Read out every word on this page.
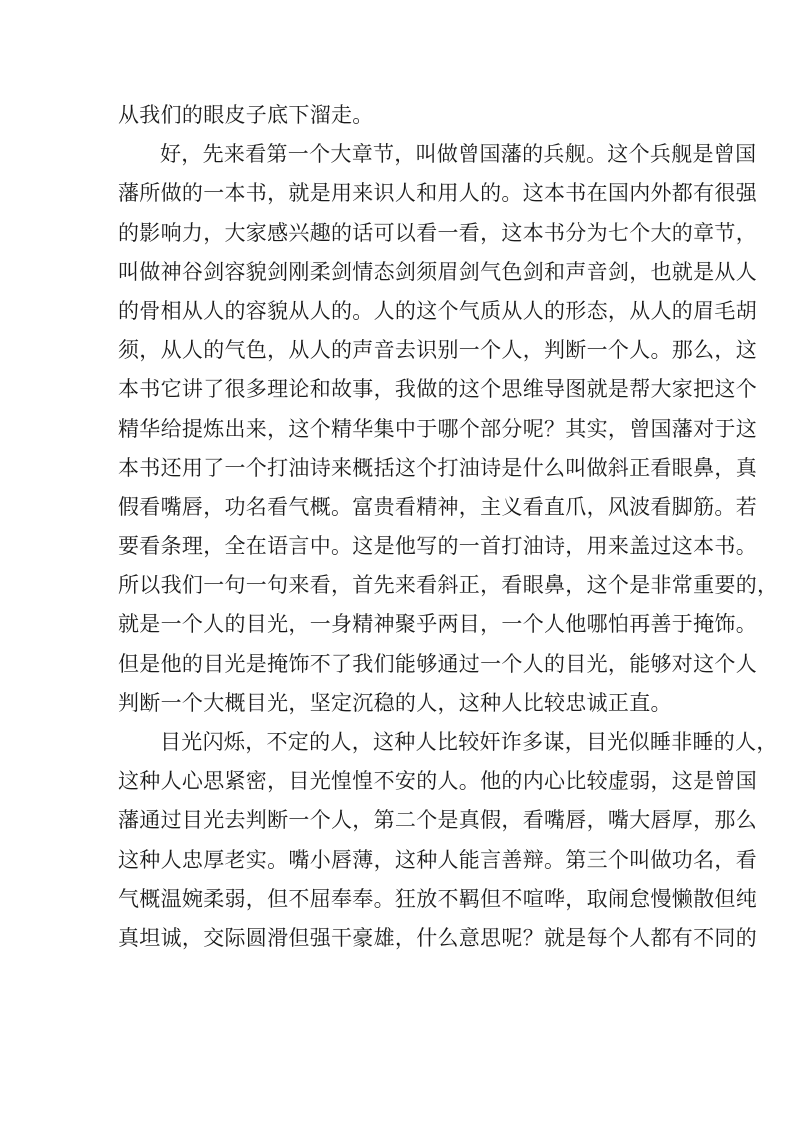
从我们的眼皮子底下溜走。
好，先来看第一个大章节，叫做曾国藩的兵舰。这个兵舰是曾国
藩所做的一本书，就是用来识人和用人的。这本书在国内外都有很强
的影响力，大家感兴趣的话可以看一看，这本书分为七个大的章节，
叫做神谷剑容貌剑刚柔剑情态剑须眉剑气色剑和声音剑，也就是从人
的骨相从人的容貌从人的。人的这个气质从人的形态，从人的眉毛胡
须，从人的气色，从人的声音去识别一个人，判断一个人。那么，这
本书它讲了很多理论和故事，我做的这个思维导图就是帮大家把这个
精华给提炼出来，这个精华集中于哪个部分呢？其实，曾国藩对于这
本书还用了一个打油诗来概括这个打油诗是什么叫做斜正看眼鼻，真
假看嘴唇，功名看气概。富贵看精神，主义看直爪，风波看脚筋。若
要看条理，全在语言中。这是他写的一首打油诗，用来盖过这本书。
所以我们一句一句来看，首先来看斜正，看眼鼻，这个是非常重要的，
就是一个人的目光，一身精神聚乎两目，一个人他哪怕再善于掩饰。
但是他的目光是掩饰不了我们能够通过一个人的目光，能够对这个人
判断一个大概目光，坚定沉稳的人，这种人比较忠诚正直。
目光闪烁，不定的人，这种人比较奸诈多谋，目光似睡非睡的人，
这种人心思紧密，目光惶惶不安的人。他的内心比较虚弱，这是曾国
藩通过目光去判断一个人，第二个是真假，看嘴唇，嘴大唇厚，那么
这种人忠厚老实。嘴小唇薄，这种人能言善辩。第三个叫做功名，看
气概温婉柔弱，但不屈奉奉。狂放不羁但不喧哗，取闹怠慢懒散但纯
真坦诚，交际圆滑但强干豪雄，什么意思呢？就是每个人都有不同的
